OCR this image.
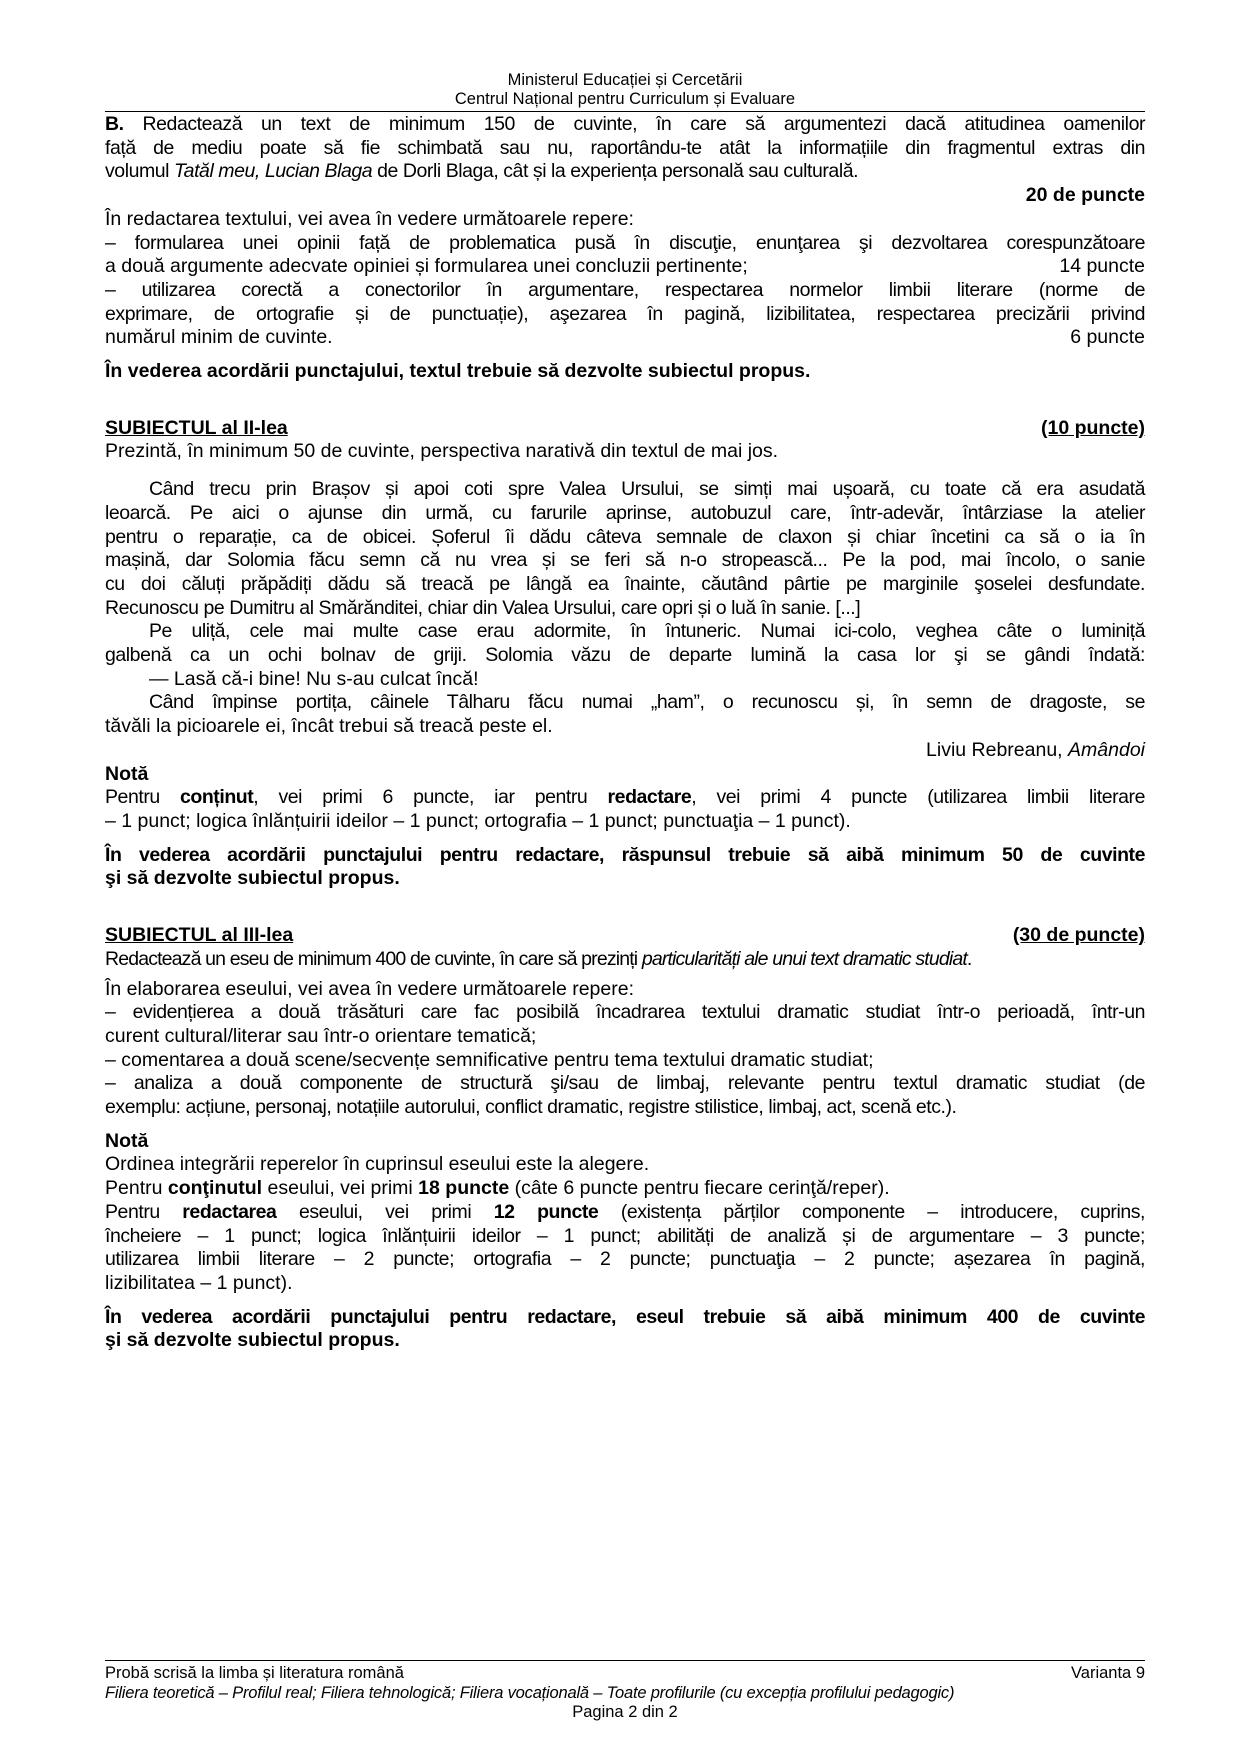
Ministerul Educației și Cercetării
Centrul Național pentru Curriculum și Evaluare
B. Redactează un text de minimum 150 de cuvinte, în care să argumentezi dacă atitudinea oamenilor
față de mediu poate să fie schimbată sau nu, raportându-te atât la informațiile din fragmentul extras din
volumul Tatăl meu, Lucian Blaga de Dorli Blaga, cât și la experiența personală sau culturală.
20 de puncte
În redactarea textului, vei avea în vedere următoarele repere:
– formularea unei opinii față de problematica pusă în discuţie, enunţarea şi dezvoltarea corespunzătoare
a două argumente adecvate opiniei și formularea unei concluzii pertinente;	14 puncte
– utilizarea corectă a conectorilor în argumentare, respectarea normelor limbii literare (norme de
exprimare, de ortografie și de punctuație), aşezarea în pagină, lizibilitatea, respectarea precizării privind
numărul minim de cuvinte.	6 puncte
În vederea acordării punctajului, textul trebuie să dezvolte subiectul propus.
SUBIECTUL al II-lea	(10 puncte)
Prezintă, în minimum 50 de cuvinte, perspectiva narativă din textul de mai jos.
Când trecu prin Brașov și apoi coti spre Valea Ursului, se simți mai ușoară, cu toate că era asudată
leoarcă. Pe aici o ajunse din urmă, cu farurile aprinse, autobuzul care, într-adevăr, întârziase la atelier
pentru o reparație, ca de obicei. Șoferul îi dădu câteva semnale de claxon și chiar încetini ca să o ia în
mașină, dar Solomia făcu semn că nu vrea și se feri să n-o stropească... Pe la pod, mai încolo, o sanie
cu doi căluți prăpădiți dădu să treacă pe lângă ea înainte, căutând pârtie pe marginile şoselei desfundate.
Recunoscu pe Dumitru al Smărănditei, chiar din Valea Ursului, care opri și o luă în sanie. [...]
Pe uliță, cele mai multe case erau adormite, în întuneric. Numai ici-colo, veghea câte o luminiță
galbenă ca un ochi bolnav de griji. Solomia văzu de departe lumină la casa lor şi se gândi îndată:
— Lasă că-i bine! Nu s-au culcat încă!
Când împinse portița, câinele Tâlharu făcu numai „ham”, o recunoscu și, în semn de dragoste, se
tăvăli la picioarele ei, încât trebui să treacă peste el.
Liviu Rebreanu, Amândoi
Notă
Pentru conținut, vei primi 6 puncte, iar pentru redactare, vei primi 4 puncte (utilizarea limbii literare
– 1 punct; logica înlănțuirii ideilor – 1 punct; ortografia – 1 punct; punctuaţia – 1 punct).
În vederea acordării punctajului pentru redactare, răspunsul trebuie să aibă minimum 50 de cuvinte
şi să dezvolte subiectul propus.
SUBIECTUL al III-lea	(30 de puncte)
Redactează un eseu de minimum 400 de cuvinte, în care să prezinți particularități ale unui text dramatic studiat.
În elaborarea eseului, vei avea în vedere următoarele repere:
– evidențierea a două trăsături care fac posibilă încadrarea textului dramatic studiat într-o perioadă, într-un
curent cultural/literar sau într-o orientare tematică;
– comentarea a două scene/secvențe semnificative pentru tema textului dramatic studiat;
– analiza a două componente de structură şi/sau de limbaj, relevante pentru textul dramatic studiat (de
exemplu: acțiune, personaj, notațiile autorului, conflict dramatic, registre stilistice, limbaj, act, scenă etc.).
Notă
Ordinea integrării reperelor în cuprinsul eseului este la alegere.
Pentru conţinutul eseului, vei primi 18 puncte (câte 6 puncte pentru fiecare cerinţă/reper).
Pentru redactarea eseului, vei primi 12 puncte (existența părților componente – introducere, cuprins,
încheiere – 1 punct; logica înlănțuirii ideilor – 1 punct; abilități de analiză și de argumentare – 3 puncte;
utilizarea limbii literare – 2 puncte; ortografia – 2 puncte; punctuaţia – 2 puncte; așezarea în pagină,
lizibilitatea – 1 punct).
În vederea acordării punctajului pentru redactare, eseul trebuie să aibă minimum 400 de cuvinte
şi să dezvolte subiectul propus.
Probă scrisă la limba și literatura română	Varianta 9
Filiera teoretică – Profilul real; Filiera tehnologică; Filiera vocațională – Toate profilurile (cu excepția profilului pedagogic)
Pagina 2 din 2
